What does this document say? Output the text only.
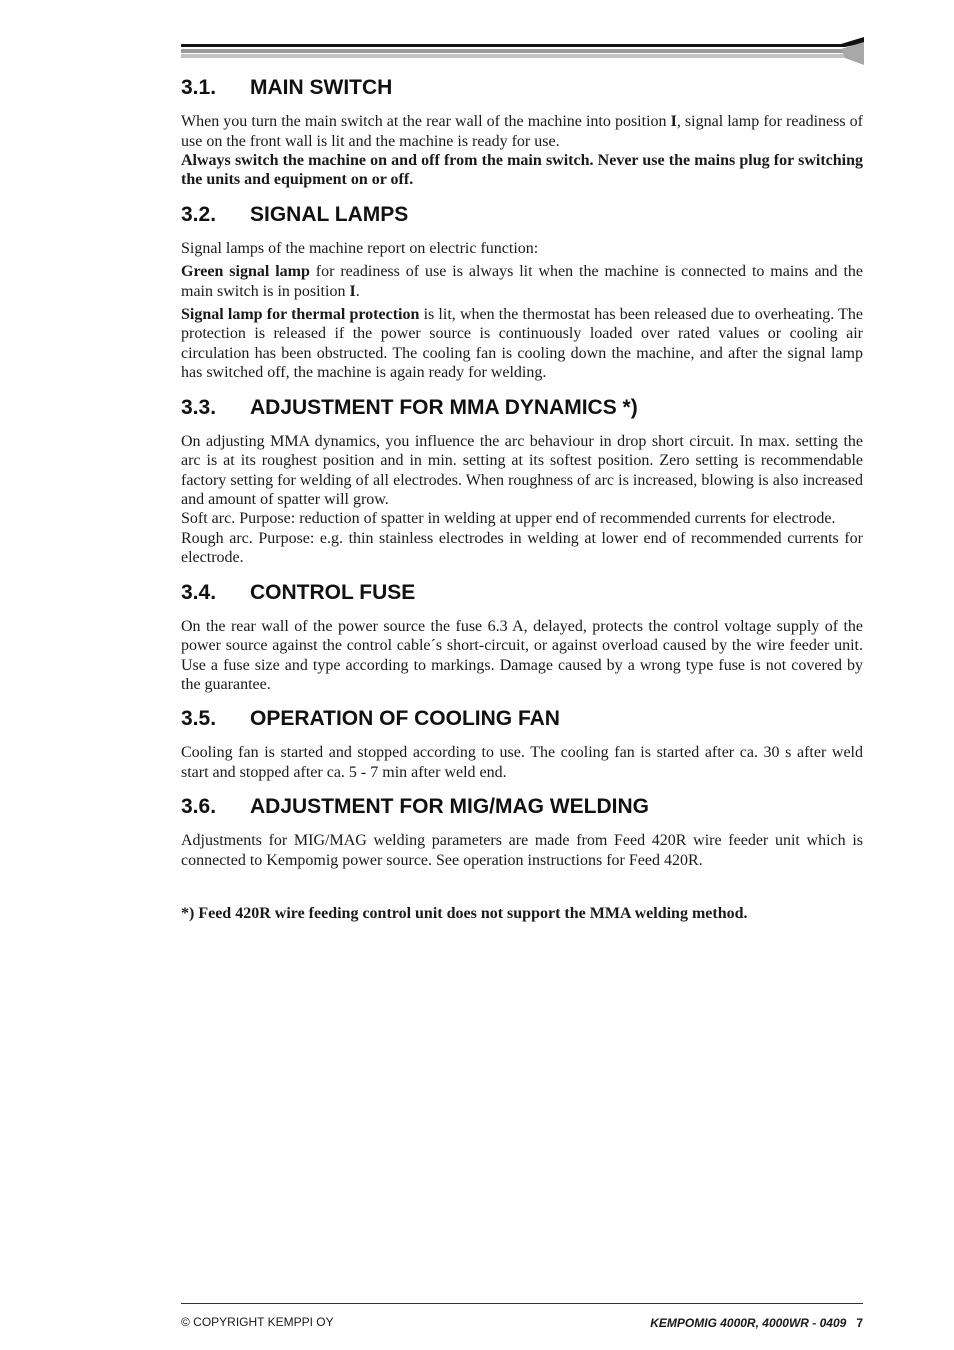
3.1. MAIN SWITCH

When you turn the main switch at the rear wall of the machine into position I, signal lamp for readiness of use on the front wall is lit and the machine is ready for use.

Always switch the machine on and off from the main switch. Never use the mains plug for switching the units and equipment on or off.

3.2. SIGNAL LAMPS

Signal lamps of the machine report on electric function:

Green signal lamp for readiness of use is always lit when the machine is connected to mains and the main switch is in position I.

Signal lamp for thermal protection is lit, when the thermostat has been released due to overheating. The protection is released if the power source is continuously loaded over rated values or cooling air circulation has been obstructed. The cooling fan is cooling down the machine, and after the signal lamp has switched off, the machine is again ready for welding.

3.3. ADJUSTMENT FOR MMA DYNAMICS *)

On adjusting MMA dynamics, you influence the arc behaviour in drop short circuit. In max. setting the arc is at its roughest position and in min. setting at its softest position. Zero setting is recommendable factory setting for welding of all electrodes. When roughness of arc is increased, blowing is also increased and amount of spatter will grow.

Soft arc. Purpose: reduction of spatter in welding at upper end of recommended currents for electrode.

Rough arc. Purpose: e.g. thin stainless electrodes in welding at lower end of recommended currents for electrode.

3.4. CONTROL FUSE

On the rear wall of the power source the fuse 6.3 A, delayed, protects the control voltage supply of the power source against the control cable´s short-circuit, or against overload caused by the wire feeder unit. Use a fuse size and type according to markings. Damage caused by a wrong type fuse is not covered by the guarantee.

3.5. OPERATION OF COOLING FAN

Cooling fan is started and stopped according to use. The cooling fan is started after ca. 30 s after weld start and stopped after ca. 5 - 7 min after weld end.

3.6. ADJUSTMENT FOR MIG/MAG WELDING

Adjustments for MIG/MAG welding parameters are made from Feed 420R wire feeder unit which is connected to Kempomig power source. See operation instructions for Feed 420R.

*) Feed 420R wire feeding control unit does not support the MMA welding method.

© COPYRIGHT KEMPPI OY	KEMPOMIG 4000R, 4000WR - 0409 7
